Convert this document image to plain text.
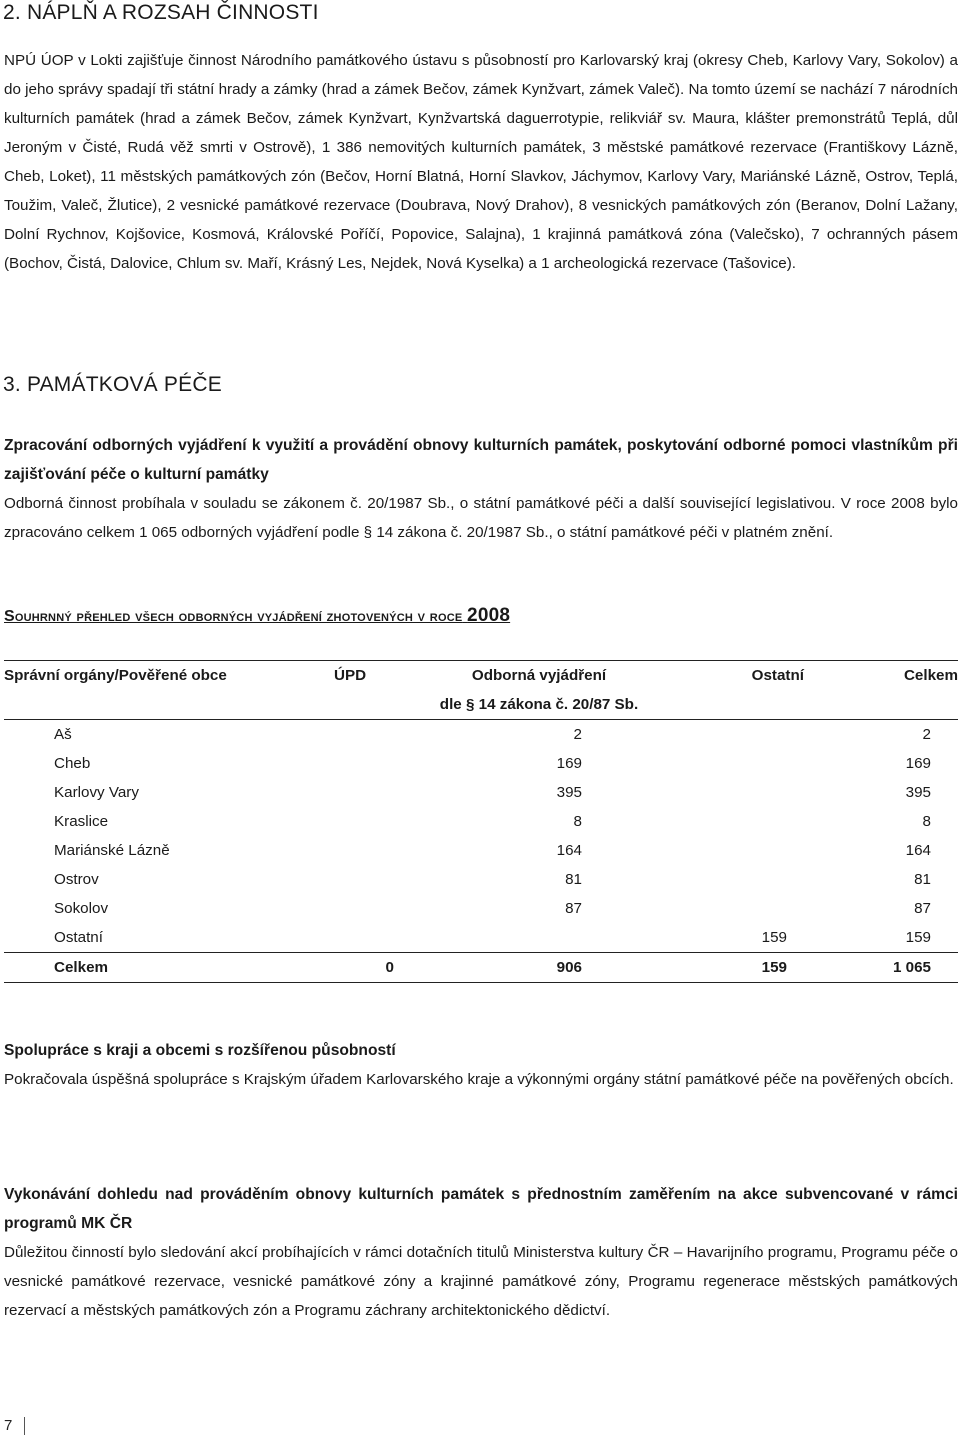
2. NÁPLŇ A ROZSAH ČINNOSTI

NPÚ ÚOP v Lokti zajišťuje činnost Národního památkového ústavu s působností pro Karlovarský kraj (okresy Cheb, Karlovy Vary, Sokolov) a do jeho správy spadají tři státní hrady a zámky (hrad a zámek Bečov, zámek Kynžvart, zámek Valeč). Na tomto území se nachází 7 národních kulturních památek (hrad a zámek Bečov, zámek Kynžvart, Kynžvartská daguerrotypie, relikviář sv. Maura, klášter premonstrátů Teplá, důl Jeroným v Čisté, Rudá věž smrti v Ostrově), 1 386 nemovitých kulturních památek, 3 městské památkové rezervace (Františkovy Lázně, Cheb, Loket), 11 městských památkových zón (Bečov, Horní Blatná, Horní Slavkov, Jáchymov, Karlovy Vary, Mariánské Lázně, Ostrov, Teplá, Toužim, Valeč, Žlutice), 2 vesnické památkové rezervace (Doubrava, Nový Drahov), 8 vesnických památkových zón (Beranov, Dolní Lažany, Dolní Rychnov, Kojšovice, Kosmová, Královské Poříčí, Popovice, Salajna), 1 krajinná památková zóna (Valečsko), 7 ochranných pásem (Bochov, Čistá, Dalovice, Chlum sv. Maří, Krásný Les, Nejdek, Nová Kyselka) a 1 archeologická rezervace (Tašovice).

3. PAMÁTKOVÁ PÉČE

Zpracování odborných vyjádření k využití a provádění obnovy kulturních památek, poskytování odborné pomoci vlastníkům při zajišťování péče o kulturní památky

Odborná činnost probíhala v souladu se zákonem č. 20/1987 Sb., o státní památkové péči a další související legislativou. V roce 2008 bylo zpracováno celkem 1 065 odborných vyjádření podle § 14 zákona č. 20/1987 Sb., o státní památkové péči v platném znění.

Souhrnný přehled všech odborných vyjádření zhotovených v roce 2008
Správní orgány/Pověřené obce	ÚPD	Odborná vyjádření	Ostatní	Celkem
		dle § 14 zákona č. 20/87 Sb.		
Aš		2		2
Cheb		169		169
Karlovy Vary		395		395
Kraslice		8		8
Mariánské Lázně		164		164
Ostrov		81		81
Sokolov		87		87
Ostatní			159	159
Celkem	0	906	159	1 065

Spolupráce s kraji a obcemi s rozšířenou působností

Pokračovala úspěšná spolupráce s Krajským úřadem Karlovarského kraje a výkonnými orgány státní památkové péče na pověřených obcích.

Vykonávání dohledu nad prováděním obnovy kulturních památek s přednostním zaměřením na akce subvencované v rámci programů MK ČR

Důležitou činností bylo sledování akcí probíhajících v rámci dotačních titulů Ministerstva kultury ČR – Havarijního programu, Programu péče o vesnické památkové rezervace, vesnické památkové zóny a krajinné památkové zóny, Programu regenerace městských památkových rezervací a městských památkových zón a Programu záchrany architektonického dědictví.

7
